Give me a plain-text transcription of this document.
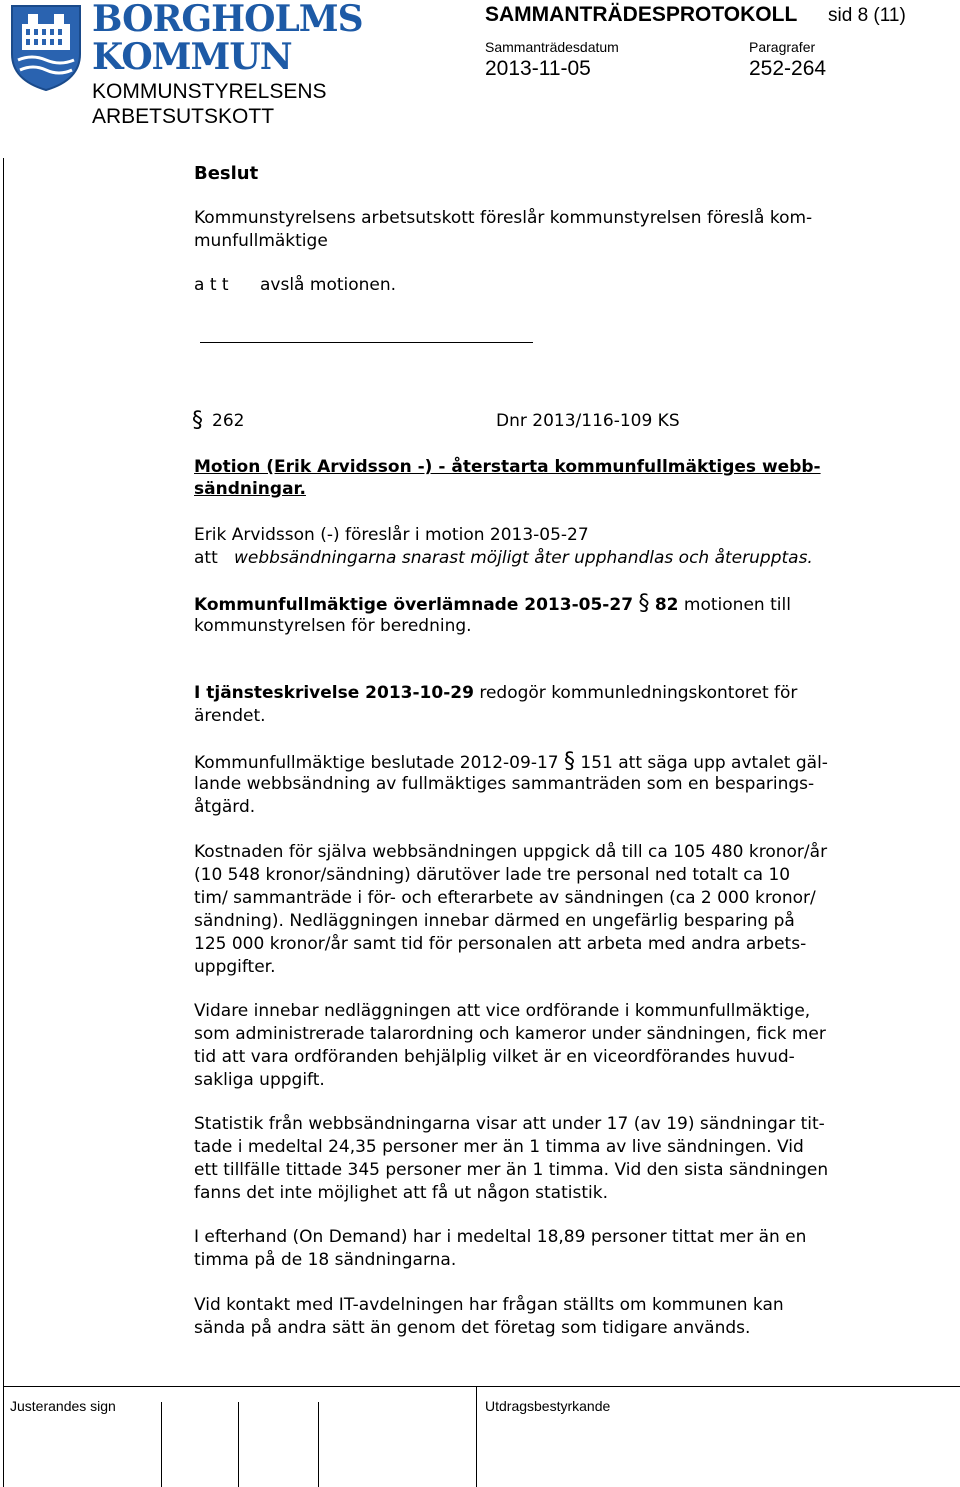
BORGHOLMS
KOMMUN
KOMMUNSTYRELSENS
ARBETSUTSKOTT
SAMMANTRÄDESPROTOKOLL sid 8 (11)
Sammanträdesdatum
2013-11-05
Paragrafer
252-264
Beslut
Kommunstyrelsens arbetsutskott föreslår kommunstyrelsen föreslå kom-
munfullmäktige
a t t avslå motionen.
§ 262	Dnr 2013/116-109 KS
Motion (Erik Arvidsson -) - återstarta kommunfullmäktiges webb-
sändningar.
Erik Arvidsson (-) föreslår i motion 2013-05-27
att webbsändningarna snarast möjligt åter upphandlas och återupptas.
Kommunfullmäktige överlämnade 2013-05-27 § 82 motionen till
kommunstyrelsen för beredning.
I tjänsteskrivelse 2013-10-29 redogör kommunledningskontoret för
ärendet.
Kommunfullmäktige beslutade 2012-09-17 § 151 att säga upp avtalet gäl-
lande webbsändning av fullmäktiges sammanträden som en besparings-
åtgärd.
Kostnaden för själva webbsändningen uppgick då till ca 105 480 kronor/år
(10 548 kronor/sändning) därutöver lade tre personal ned totalt ca 10
tim/ sammanträde i för- och efterarbete av sändningen (ca 2 000 kronor/
sändning). Nedläggningen innebar därmed en ungefärlig besparing på
125 000 kronor/år samt tid för personalen att arbeta med andra arbets-
uppgifter.
Vidare innebar nedläggningen att vice ordförande i kommunfullmäktige,
som administrerade talarordning och kameror under sändningen, fick mer
tid att vara ordföranden behjälplig vilket är en viceordförandes huvud-
sakliga uppgift.
Statistik från webbsändningarna visar att under 17 (av 19) sändningar tit-
tade i medeltal 24,35 personer mer än 1 timma av live sändningen. Vid
ett tillfälle tittade 345 personer mer än 1 timma. Vid den sista sändningen
fanns det inte möjlighet att få ut någon statistik.
I efterhand (On Demand) har i medeltal 18,89 personer tittat mer än en
timma på de 18 sändningarna.
Vid kontakt med IT-avdelningen har frågan ställts om kommunen kan
sända på andra sätt än genom det företag som tidigare används.
Justerandes sign	Utdragsbestyrkande
